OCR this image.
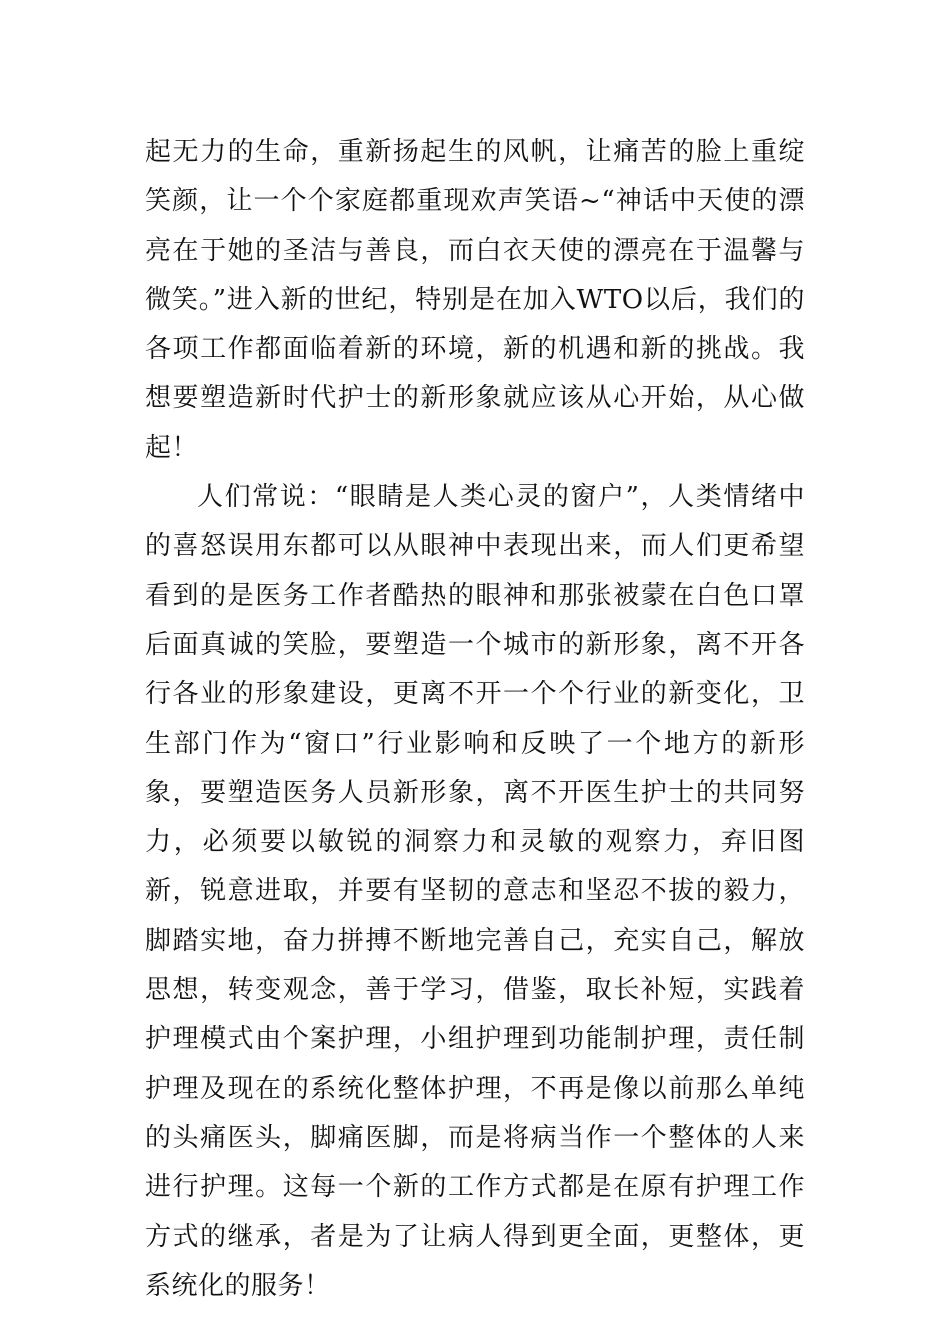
起无力的生命，重新扬起生的风帆，让痛苦的脸上重绽笑颜，让一个个家庭都重现欢声笑语~“神话中天使的漂亮在于她的圣洁与善良，而白衣天使的漂亮在于温馨与微笑。”进入新的世纪，特别是在加入WTO以后，我们的各项工作都面临着新的环境，新的机遇和新的挑战。我想要塑造新时代护士的新形象就应该从心开始，从心做起！

人们常说：“眼睛是人类心灵的窗户”，人类情绪中的喜怒误用东都可以从眼神中表现出来，而人们更希望看到的是医务工作者酷热的眼神和那张被蒙在白色口罩后面真诚的笑脸，要塑造一个城市的新形象，离不开各行各业的形象建设，更离不开一个个行业的新变化，卫生部门作为“窗口”行业影响和反映了一个地方的新形象，要塑造医务人员新形象，离不开医生护士的共同努力，必须要以敏锐的洞察力和灵敏的观察力，弃旧图新，锐意进取，并要有坚韧的意志和坚忍不拔的毅力，脚踏实地，奋力拼搏不断地完善自己，充实自己，解放思想，转变观念，善于学习，借鉴，取长补短，实践着护理模式由个案护理，小组护理到功能制护理，责任制护理及现在的系统化整体护理，不再是像以前那么单纯的头痛医头，脚痛医脚，而是将病当作一个整体的人来进行护理。这每一个新的工作方式都是在原有护理工作方式的继承，者是为了让病人得到更全面，更整体，更系统化的服务！
